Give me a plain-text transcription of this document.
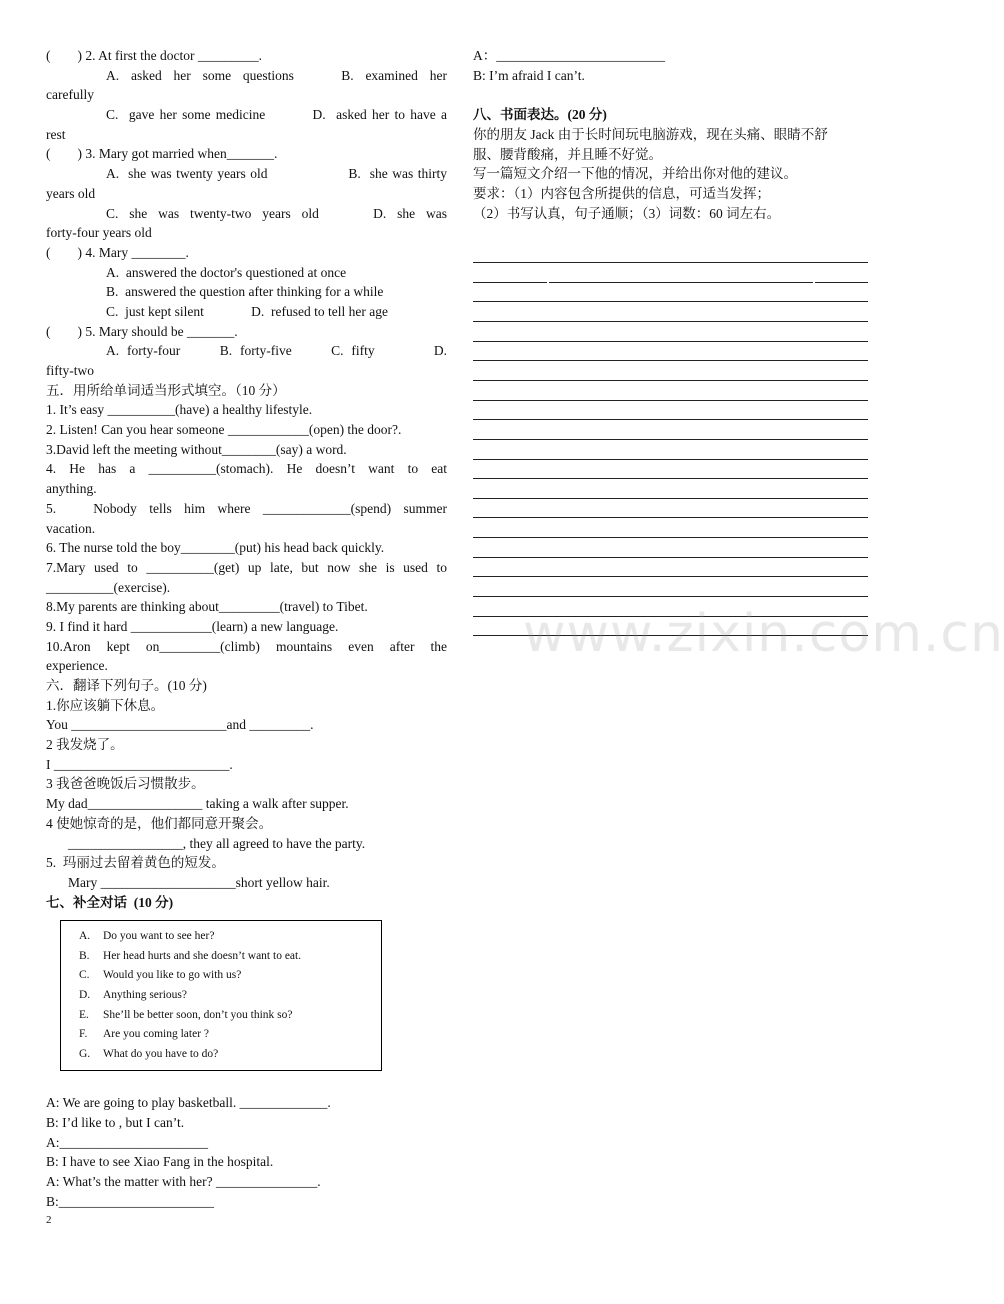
(        ) 2. At first the doctor _________.
A.  asked  her  some  questions        B.  examined  her
carefully
C.  gave her some medicine         D.  asked her to have a
rest
(        ) 3. Mary got married when_______.
A.  she was twenty years old                  B.  she was thirty
years old
C.  she  was  twenty-two  years  old          D.  she  was
forty-four years old
(        ) 4. Mary ________.
A.  answered the doctor's questioned at once
B.  answered the question after thinking for a while
C.  just kept silent              D.  refused to tell her age
(        ) 5. Mary should be _______.
A.  forty-four          B.  forty-five          C.  fifty               D.
fifty-two
五．用所给单词适当形式填空。（10 分）
1. It’s easy __________(have) a healthy lifestyle.
2. Listen! Can you hear someone ____________(open) the door?.
3.David left the meeting without________(say) a word.
4.  He  has  a  __________(stomach).  He  doesn’t  want  to  eat
anything.
5.      Nobody  tells  him  where  _____________(spend)  summer
vacation.
6. The nurse told the boy________(put) his head back quickly.
7.Mary used to __________(get) up late, but now she is used to
__________(exercise).
8.My parents are thinking about_________(travel) to Tibet.
9. I find it hard ____________(learn) a new language.
10.Aron  kept  on_________(climb)  mountains  even  after  the
experience.
六．翻译下列句子。(10 分)
1.你应该躺下休息。
You _______________________and _________.
2 我发烧了。
I __________________________.
3 我爸爸晚饭后习惯散步。
My dad_________________ taking a walk after supper.
4 使她惊奇的是，他们都同意开聚会。
_________________, they all agreed to have the party.
5.  玛丽过去留着黄色的短发。
Mary ____________________short yellow hair.
七、补全对话  (10 分)
A. Do you want to see her?
B. Her head hurts and she doesn’t want to eat.
C. Would you like to go with us?
D. Anything serious?
E. She’ll be better soon, don’t you think so?
F. Are you coming later ?
G. What do you have to do?
A: We are going to play basketball. _____________.
B: I’d like to , but I can’t.
A:______________________
B: I have to see Xiao Fang in the hospital.
A: What’s the matter with her? _______________.
B:_______________________
A：_________________________
B: I’m afraid I can’t.
八、书面表达。(20 分)
你的朋友 Jack 由于长时间玩电脑游戏，现在头痛、眼睛不舒
服、腰背酸痛，并且睡不好觉。
写一篇短文介绍一下他的情况，并给出你对他的建议。
要求：（1）内容包含所提供的信息，可适当发挥；
（2）书写认真，句子通顺；（3）词数：60 词左右。
2
www.zixin.com.cn
